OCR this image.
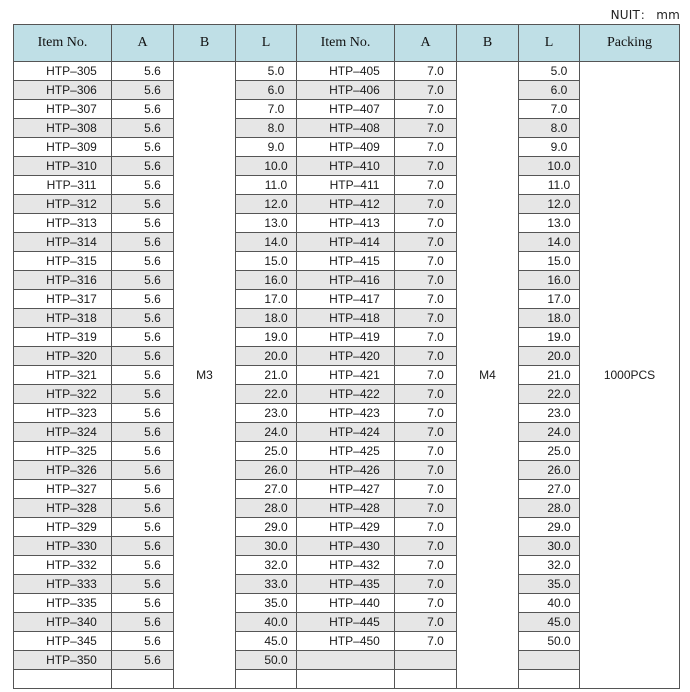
NUIT： mm
Item No.	A	B	L	Item No.	A	B	L	Packing
HTP–305	5.6	M3	5.0	HTP–405	7.0	M4	5.0	1000PCS
HTP–306	5.6		6.0	HTP–406	7.0		6.0	
HTP–307	5.6		7.0	HTP–407	7.0		7.0	
HTP–308	5.6		8.0	HTP–408	7.0		8.0	
HTP–309	5.6		9.0	HTP–409	7.0		9.0	
HTP–310	5.6		10.0	HTP–410	7.0		10.0	
HTP–311	5.6		11.0	HTP–411	7.0		11.0	
HTP–312	5.6		12.0	HTP–412	7.0		12.0	
HTP–313	5.6		13.0	HTP–413	7.0		13.0	
HTP–314	5.6		14.0	HTP–414	7.0		14.0	
HTP–315	5.6		15.0	HTP–415	7.0		15.0	
HTP–316	5.6		16.0	HTP–416	7.0		16.0	
HTP–317	5.6		17.0	HTP–417	7.0		17.0	
HTP–318	5.6		18.0	HTP–418	7.0		18.0	
HTP–319	5.6		19.0	HTP–419	7.0		19.0	
HTP–320	5.6		20.0	HTP–420	7.0		20.0	
HTP–321	5.6		21.0	HTP–421	7.0		21.0	
HTP–322	5.6		22.0	HTP–422	7.0		22.0	
HTP–323	5.6		23.0	HTP–423	7.0		23.0	
HTP–324	5.6		24.0	HTP–424	7.0		24.0	
HTP–325	5.6		25.0	HTP–425	7.0		25.0	
HTP–326	5.6		26.0	HTP–426	7.0		26.0	
HTP–327	5.6		27.0	HTP–427	7.0		27.0	
HTP–328	5.6		28.0	HTP–428	7.0		28.0	
HTP–329	5.6		29.0	HTP–429	7.0		29.0	
HTP–330	5.6		30.0	HTP–430	7.0		30.0	
HTP–332	5.6		32.0	HTP–432	7.0		32.0	
HTP–333	5.6		33.0	HTP–435	7.0		35.0	
HTP–335	5.6		35.0	HTP–440	7.0		40.0	
HTP–340	5.6		40.0	HTP–445	7.0		45.0	
HTP–345	5.6		45.0	HTP–450	7.0		50.0	
HTP–350	5.6		50.0					
